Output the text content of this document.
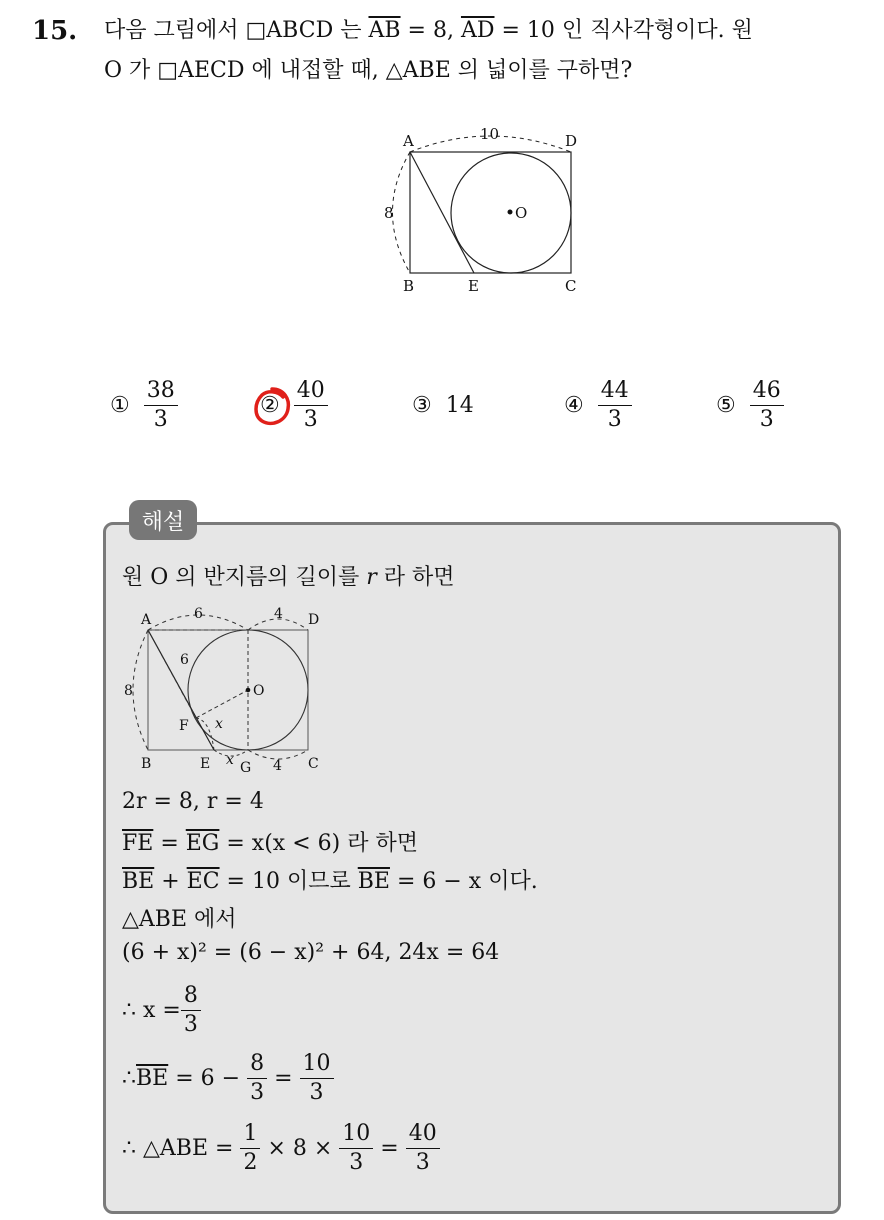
15. 다음 그림에서 □ABCD 는 $\overline{AB} = 8$, $\overline{AD} = 10$ 인 직사각형이다. 원
O 가 □AECD 에 내접할 때, △ABE 의 넓이를 구하면?
A	D
B	E	C
O
10
8
① $\frac{38}{3}$	② $\frac{40}{3}$	③ 14	④ $\frac{44}{3}$	⑤ $\frac{46}{3}$
해설
원 O 의 반지름의 길이를 r 라 하면
A	D
B	E G	C
F
O
6	4
6
8
x
x	4
2r = 8, r = 4
$\overline{FE} = \overline{EG} = x(x < 6)$ 라 하면
$\overline{BE} + \overline{EC} = 10$ 이므로 $\overline{BE} = 6 - x$ 이다.
△ABE 에서
(6 + x)² = (6 − x)² + 64, 24x = 64
∴ $x = \frac{8}{3}$
∴ $\overline{BE} = 6 - \frac{8}{3} = \frac{10}{3}$
∴ △ABE = $\frac{1}{2} \times 8 \times \frac{10}{3} = \frac{40}{3}$
